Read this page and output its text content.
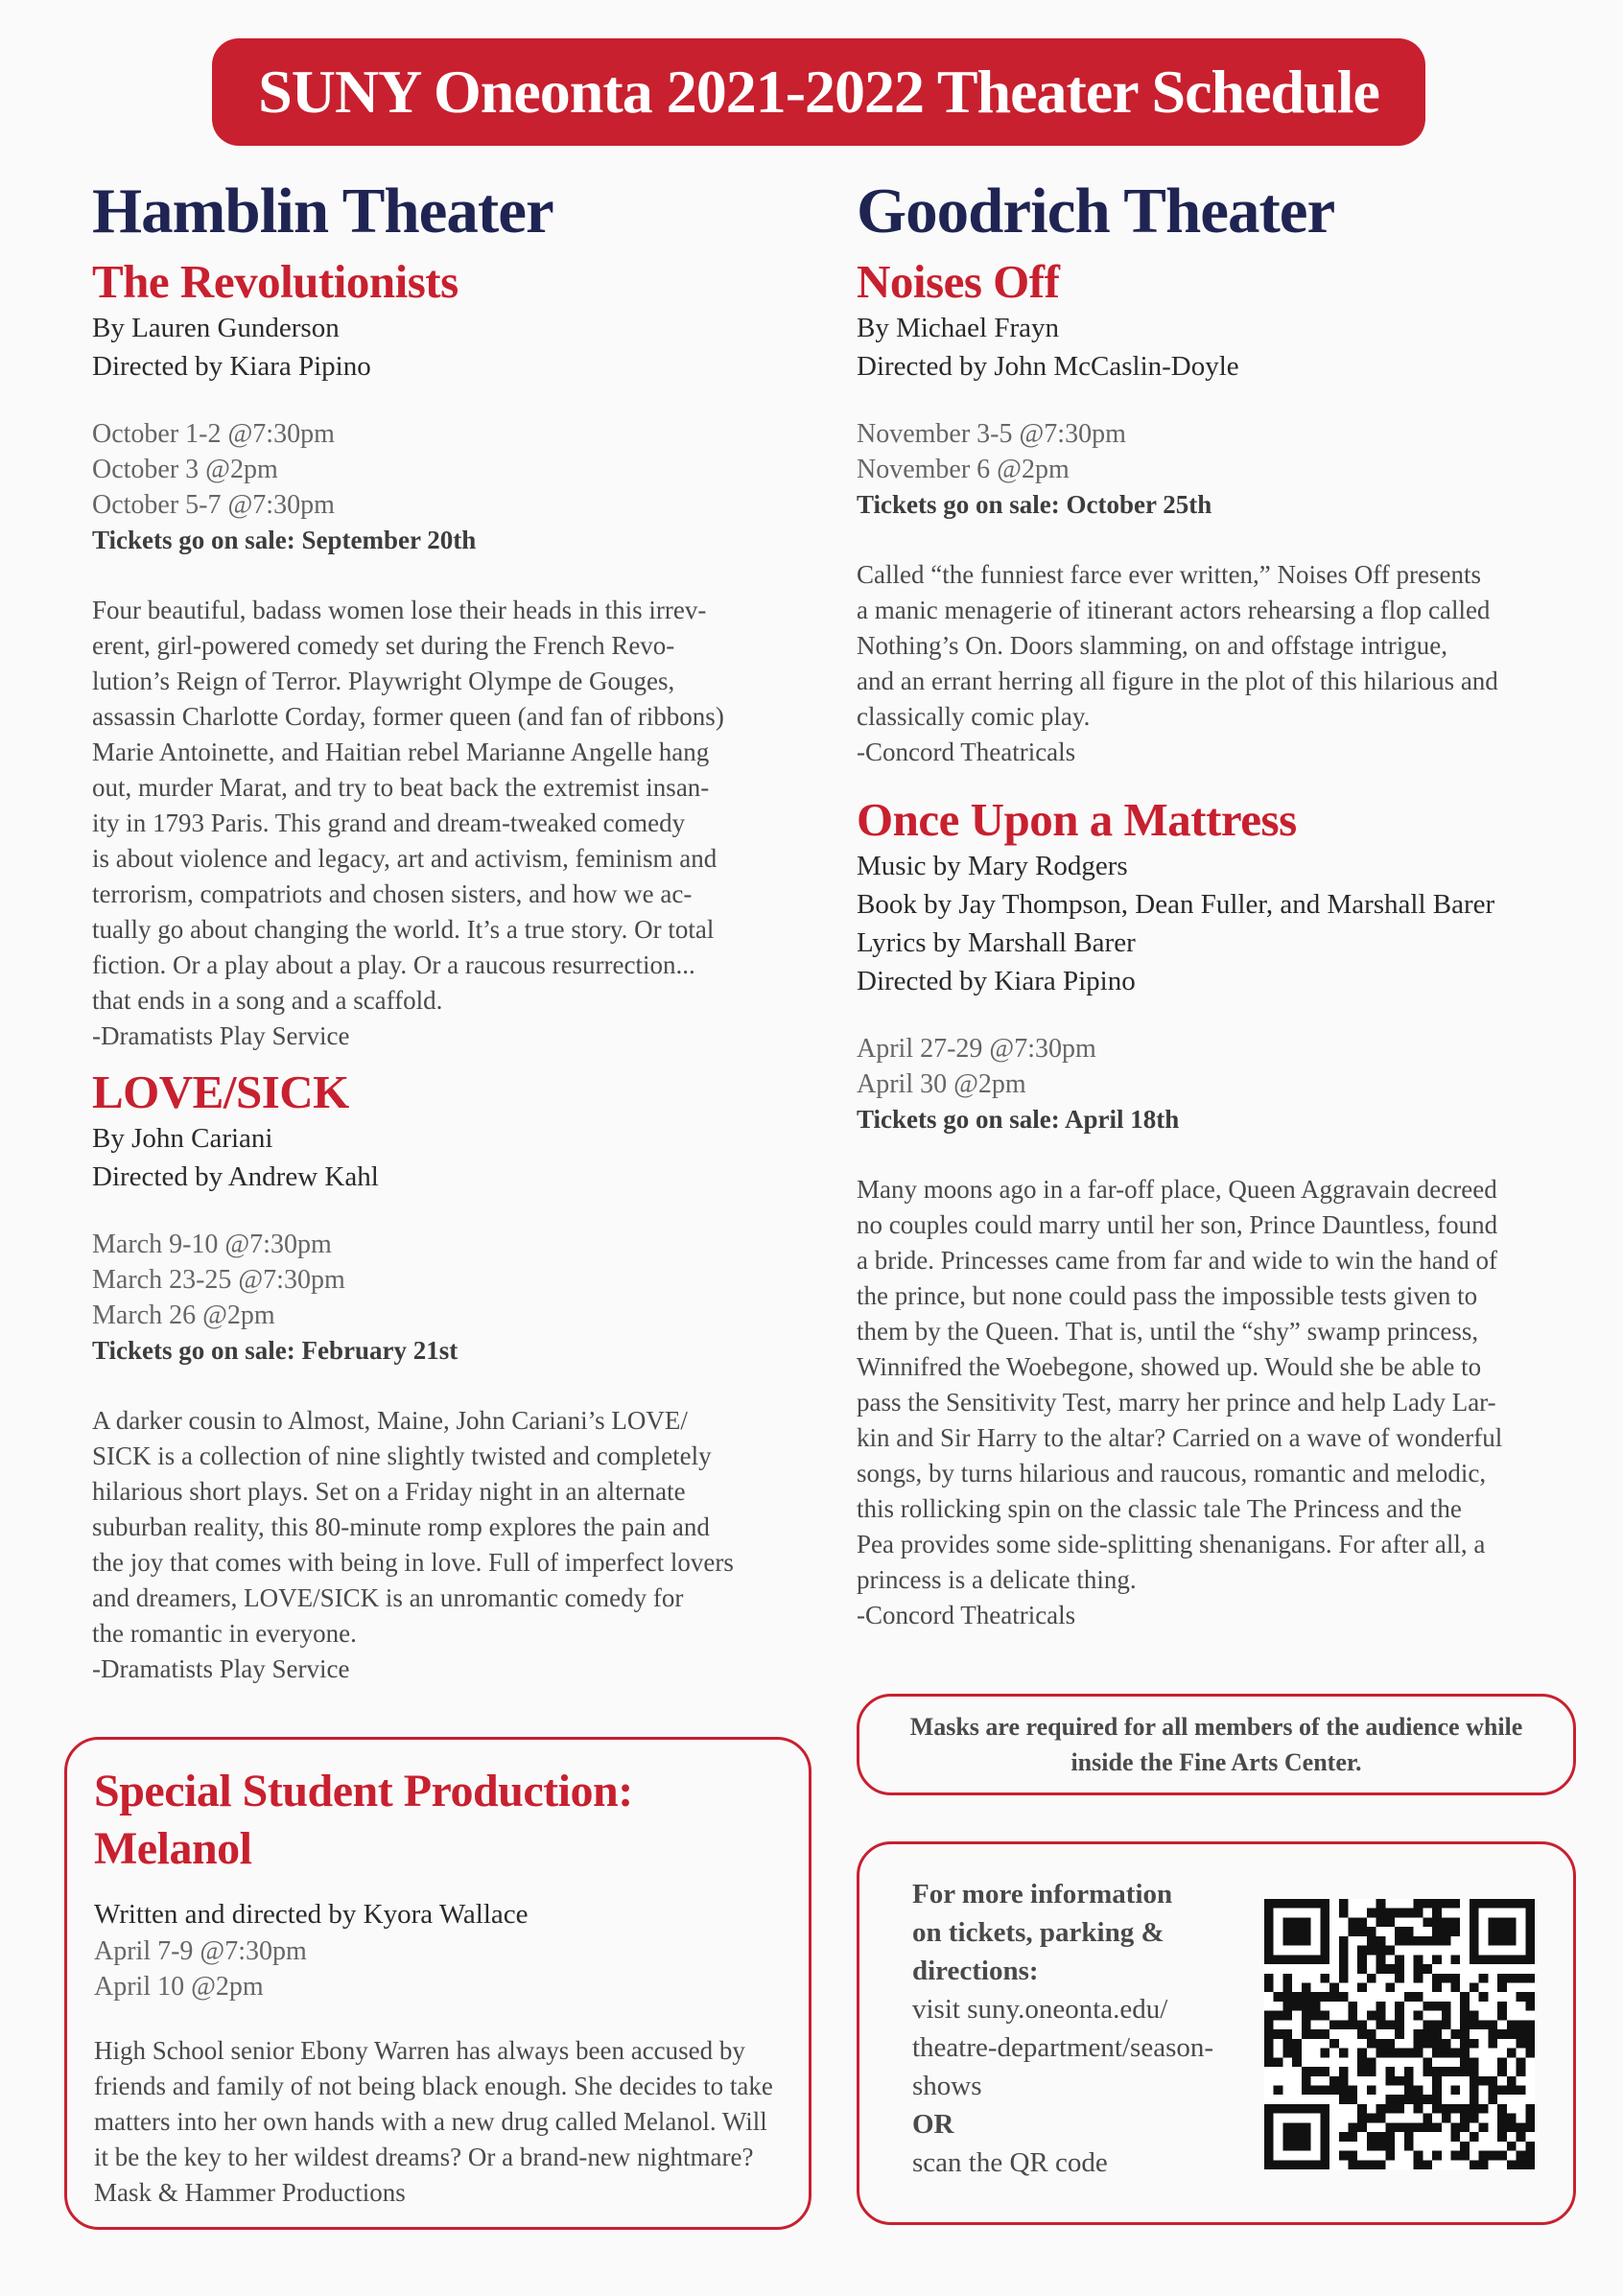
SUNY Oneonta 2021-2022 Theater Schedule
Hamblin Theater
The Revolutionists

By Lauren Gunderson

Directed by Kiara Pipino

October 1-2 @7:30pm

October 3 @2pm

October 5-7 @7:30pm

Tickets go on sale: September 20th

Four beautiful, badass women lose their heads in this irrev-

erent, girl-powered comedy set during the French Revo-

lution’s Reign of Terror. Playwright Olympe de Gouges,

assassin Charlotte Corday, former queen (and fan of ribbons)

Marie Antoinette, and Haitian rebel Marianne Angelle hang

out, murder Marat, and try to beat back the extremist insan-

ity in 1793 Paris. This grand and dream-tweaked comedy

is about violence and legacy, art and activism, feminism and

terrorism, compatriots and chosen sisters, and how we ac-

tually go about changing the world. It’s a true story. Or total

fiction. Or a play about a play. Or a raucous resurrection...

that ends in a song and a scaffold.

-Dramatists Play Service

LOVE/SICK

By John Cariani

Directed by Andrew Kahl

March 9-10 @7:30pm

March 23-25 @7:30pm

March 26 @2pm

Tickets go on sale: February 21st

A darker cousin to Almost, Maine, John Cariani’s LOVE/

SICK is a collection of nine slightly twisted and completely

hilarious short plays. Set on a Friday night in an alternate

suburban reality, this 80-minute romp explores the pain and

the joy that comes with being in love. Full of imperfect lovers

and dreamers, LOVE/SICK is an unromantic comedy for

the romantic in everyone.

-Dramatists Play Service

Goodrich Theater
Noises Off

By Michael Frayn

Directed by John McCaslin-Doyle

November 3-5 @7:30pm

November 6 @2pm

Tickets go on sale: October 25th

Called “the funniest farce ever written,” Noises Off presents

a manic menagerie of itinerant actors rehearsing a flop called

Nothing’s On. Doors slamming, on and offstage intrigue,

and an errant herring all figure in the plot of this hilarious and

classically comic play.

-Concord Theatricals

Once Upon a Mattress

Music by Mary Rodgers

Book by Jay Thompson, Dean Fuller, and Marshall Barer

Lyrics by Marshall Barer

Directed by Kiara Pipino

April 27-29 @7:30pm

April 30 @2pm

Tickets go on sale: April 18th

Many moons ago in a far-off place, Queen Aggravain decreed

no couples could marry until her son, Prince Dauntless, found

a bride. Princesses came from far and wide to win the hand of

the prince, but none could pass the impossible tests given to

them by the Queen. That is, until the “shy” swamp princess,

Winnifred the Woebegone, showed up. Would she be able to

pass the Sensitivity Test, marry her prince and help Lady Lar-

kin and Sir Harry to the altar? Carried on a wave of wonderful

songs, by turns hilarious and raucous, romantic and melodic,

this rollicking spin on the classic tale The Princess and the

Pea provides some side-splitting shenanigans. For after all, a

princess is a delicate thing.

-Concord Theatricals

Special Student Production:

Melanol

Written and directed by Kyora Wallace

April 7-9 @7:30pm

April 10 @2pm

High School senior Ebony Warren has always been accused by

friends and family of not being black enough. She decides to take

matters into her own hands with a new drug called Melanol. Will

it be the key to her wildest dreams? Or a brand-new nightmare?

Mask & Hammer Productions

Masks are required for all members of the audience while
inside the Fine Arts Center.

For more information

on tickets, parking &

directions:

visit suny.oneonta.edu/

theatre-department/season-

shows

OR

scan the QR code
